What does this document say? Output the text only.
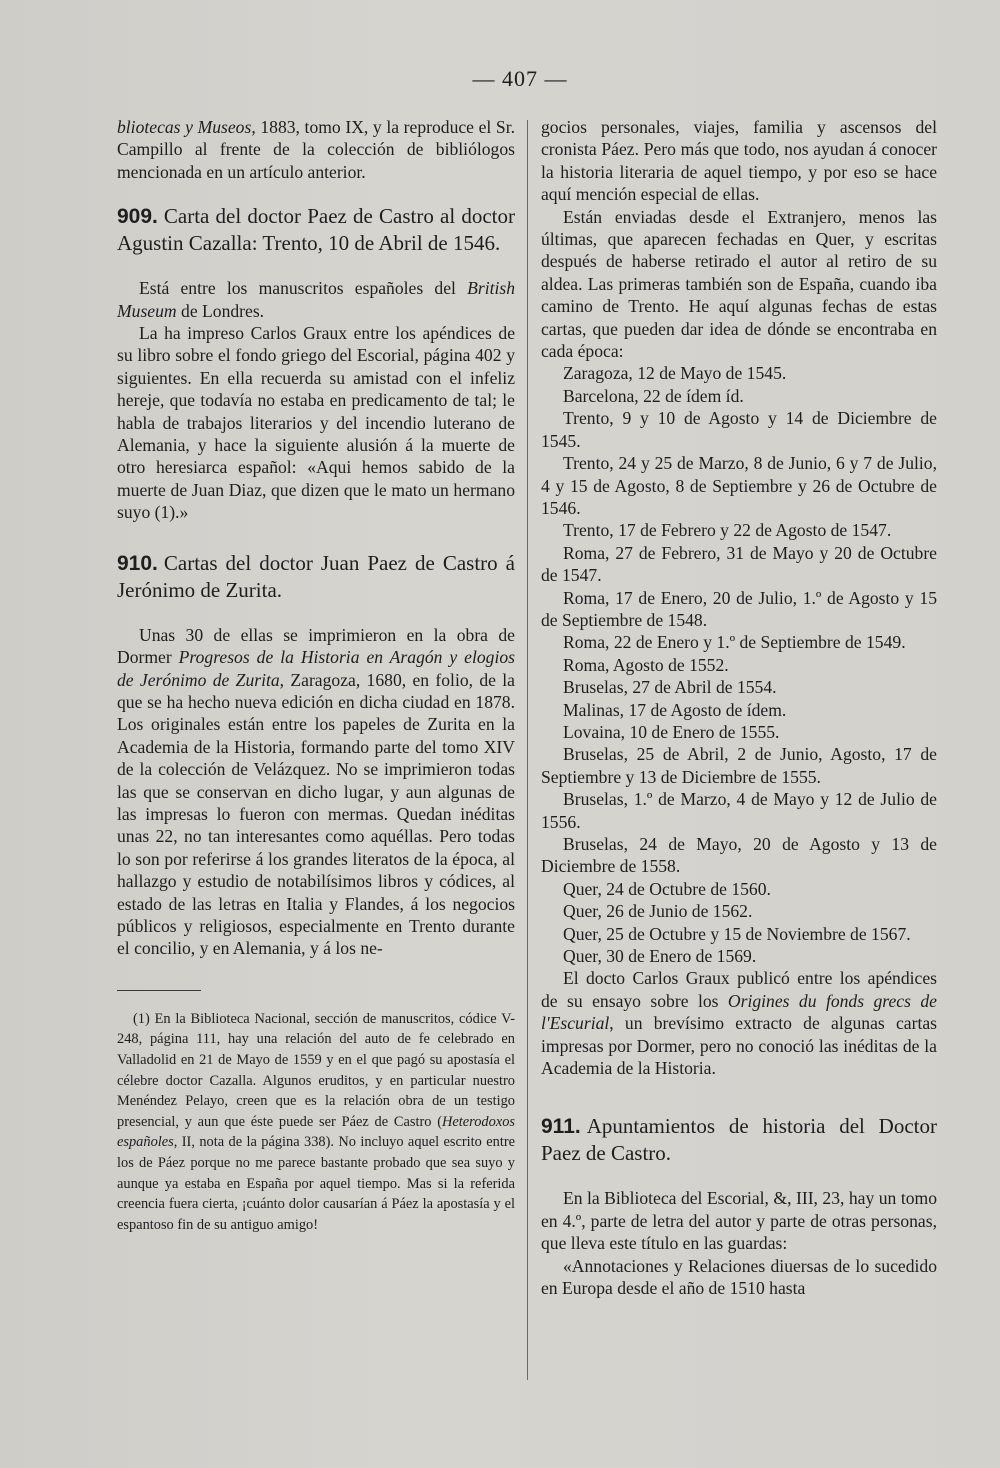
— 407 —

bliotecas y Museos, 1883, tomo IX, y la reproduce el Sr. Campillo al frente de la colección de bibliólogos mencionada en un artículo anterior.

909. Carta del doctor Paez de Castro al doctor Agustin Cazalla: Trento, 10 de Abril de 1546.

Está entre los manuscritos españoles del British Museum de Londres.

La ha impreso Carlos Graux entre los apéndices de su libro sobre el fondo griego del Escorial, página 402 y siguientes. En ella recuerda su amistad con el infeliz hereje, que todavía no estaba en predicamento de tal; le habla de trabajos literarios y del incendio luterano de Alemania, y hace la siguiente alusión á la muerte de otro heresiarca español: «Aqui hemos sabido de la muerte de Juan Diaz, que dizen que le mato un hermano suyo (1).»

910. Cartas del doctor Juan Paez de Castro á Jerónimo de Zurita.

Unas 30 de ellas se imprimieron en la obra de Dormer Progresos de la Historia en Aragón y elogios de Jerónimo de Zurita, Zaragoza, 1680, en folio, de la que se ha hecho nueva edición en dicha ciudad en 1878. Los originales están entre los papeles de Zurita en la Academia de la Historia, formando parte del tomo XIV de la colección de Velázquez. No se imprimieron todas las que se conservan en dicho lugar, y aun algunas de las impresas lo fueron con mermas. Quedan inéditas unas 22, no tan interesantes como aquéllas. Pero todas lo son por referirse á los grandes literatos de la época, al hallazgo y estudio de notabilísimos libros y códices, al estado de las letras en Italia y Flandes, á los negocios públicos y religiosos, especialmente en Trento durante el concilio, y en Alemania, y á los ne-

(1) En la Biblioteca Nacional, sección de manuscritos, códice V-248, página 111, hay una relación del auto de fe celebrado en Valladolid en 21 de Mayo de 1559 y en el que pagó su apostasía el célebre doctor Cazalla. Algunos eruditos, y en particular nuestro Menéndez Pelayo, creen que es la relación obra de un testigo presencial, y aun que éste puede ser Páez de Castro (Heterodoxos españoles, II, nota de la página 338). No incluyo aquel escrito entre los de Páez porque no me parece bastante probado que sea suyo y aunque ya estaba en España por aquel tiempo. Mas si la referida creencia fuera cierta, ¡cuánto dolor causarían á Páez la apostasía y el espantoso fin de su antiguo amigo!

gocios personales, viajes, familia y ascensos del cronista Páez. Pero más que todo, nos ayudan á conocer la historia literaria de aquel tiempo, y por eso se hace aquí mención especial de ellas.

Están enviadas desde el Extranjero, menos las últimas, que aparecen fechadas en Quer, y escritas después de haberse retirado el autor al retiro de su aldea. Las primeras también son de España, cuando iba camino de Trento. He aquí algunas fechas de estas cartas, que pueden dar idea de dónde se encontraba en cada época:

Zaragoza, 12 de Mayo de 1545.

Barcelona, 22 de ídem íd.

Trento, 9 y 10 de Agosto y 14 de Diciembre de 1545.

Trento, 24 y 25 de Marzo, 8 de Junio, 6 y 7 de Julio, 4 y 15 de Agosto, 8 de Septiembre y 26 de Octubre de 1546.

Trento, 17 de Febrero y 22 de Agosto de 1547.

Roma, 27 de Febrero, 31 de Mayo y 20 de Octubre de 1547.

Roma, 17 de Enero, 20 de Julio, 1.º de Agosto y 15 de Septiembre de 1548.

Roma, 22 de Enero y 1.º de Septiembre de 1549.

Roma, Agosto de 1552.

Bruselas, 27 de Abril de 1554.

Malinas, 17 de Agosto de ídem.

Lovaina, 10 de Enero de 1555.

Bruselas, 25 de Abril, 2 de Junio, Agosto, 17 de Septiembre y 13 de Diciembre de 1555.

Bruselas, 1.º de Marzo, 4 de Mayo y 12 de Julio de 1556.

Bruselas, 24 de Mayo, 20 de Agosto y 13 de Diciembre de 1558.

Quer, 24 de Octubre de 1560.

Quer, 26 de Junio de 1562.

Quer, 25 de Octubre y 15 de Noviembre de 1567.

Quer, 30 de Enero de 1569.

El docto Carlos Graux publicó entre los apéndices de su ensayo sobre los Origines du fonds grecs de l'Escurial, un brevísimo extracto de algunas cartas impresas por Dormer, pero no conoció las inéditas de la Academia de la Historia.

911. Apuntamientos de historia del Doctor Paez de Castro.

En la Biblioteca del Escorial, &, III, 23, hay un tomo en 4.º, parte de letra del autor y parte de otras personas, que lleva este título en las guardas:

«Annotaciones y Relaciones diuersas de lo sucedido en Europa desde el año de 1510 hasta
